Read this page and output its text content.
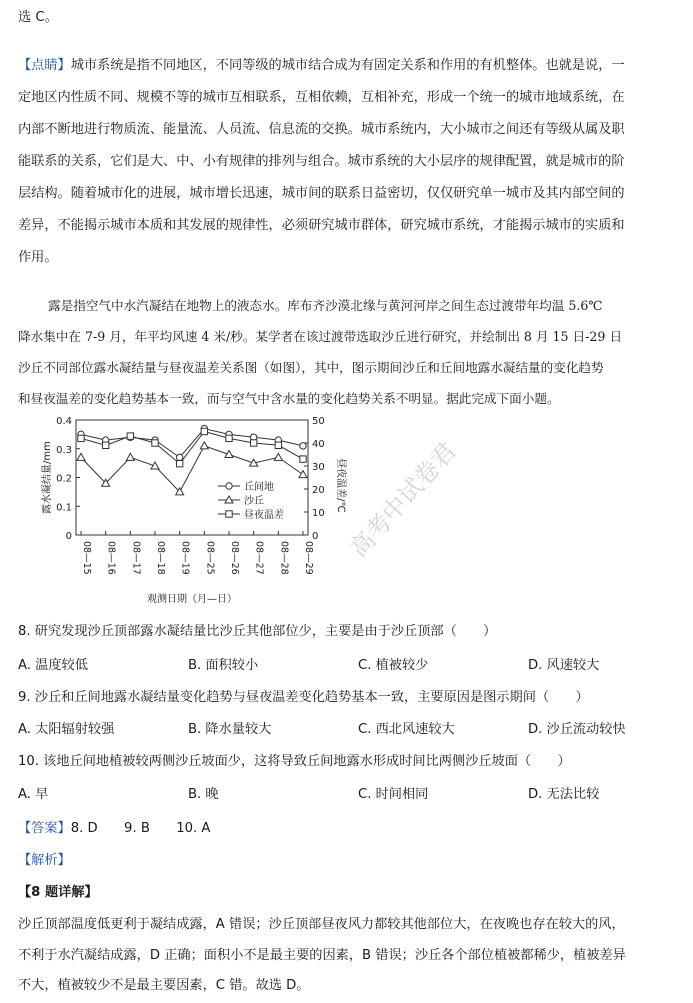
选 C。
【点睛】城市系统是指不同地区，不同等级的城市结合成为有固定关系和作用的有机整体。也就是说，一
定地区内性质不同、规模不等的城市互相联系，互相依赖，互相补充，形成一个统一的城市地域系统，在
内部不断地进行物质流、能量流、人员流、信息流的交换。城市系统内，大小城市之间还有等级从属及职
能联系的关系，它们是大、中、小有规律的排列与组合。城市系统的大小层序的规律配置，就是城市的阶
层结构。随着城市化的进展，城市增长迅速，城市间的联系日益密切，仅仅研究单一城市及其内部空间的
差异，不能揭示城市本质和其发展的规律性，必须研究城市群体，研究城市系统，才能揭示城市的实质和
作用。
露是指空气中水汽凝结在地物上的液态水。库布齐沙漠北缘与黄河河岸之间生态过渡带年均温 5.6℃
降水集中在 7-9 月，年平均风速 4 米/秒。某学者在该过渡带选取沙丘进行研究，并绘制出 8 月 15 日-29 日
沙丘不同部位露水凝结量与昼夜温差关系图（如图），其中，图示期间沙丘和丘间地露水凝结量的变化趋势
和昼夜温差的变化趋势基本一致，而与空气中含水量的变化趋势关系不明显。据此完成下面小题。
高考中试卷君
0
0.1
0.2
0.3
0.4
0
10
20
30
40
50
08—15 08—16 08—17 08—18 08—19 08—25 08—26 08—27 08—28 08—29
露水凝结量/mm	昼夜温差/℃
观测日期（月—日）
丘间地
沙丘
昼夜温差
8. 研究发现沙丘顶部露水凝结量比沙丘其他部位少，主要是由于沙丘顶部（　　）
A. 温度较低	B. 面积较小	C. 植被较少	D. 风速较大
9. 沙丘和丘间地露水凝结量变化趋势与昼夜温差变化趋势基本一致，主要原因是图示期间（　　）
A. 太阳辐射较强	B. 降水量较大	C. 西北风速较大	D. 沙丘流动较快
10. 该地丘间地植被较两侧沙丘坡面少，这将导致丘间地露水形成时间比两侧沙丘坡面（　　）
A. 早	B. 晚	C. 时间相同	D. 无法比较
【答案】8. D　　9. B　　10. A
【解析】
【8 题详解】
沙丘顶部温度低更利于凝结成露，A 错误；沙丘顶部昼夜风力都较其他部位大，在夜晚也存在较大的风，
不利于水汽凝结成露，D 正确；面积小不是最主要的因素，B 错误；沙丘各个部位植被都稀少，植被差异
不大，植被较少不是最主要因素，C 错。故选 D。
